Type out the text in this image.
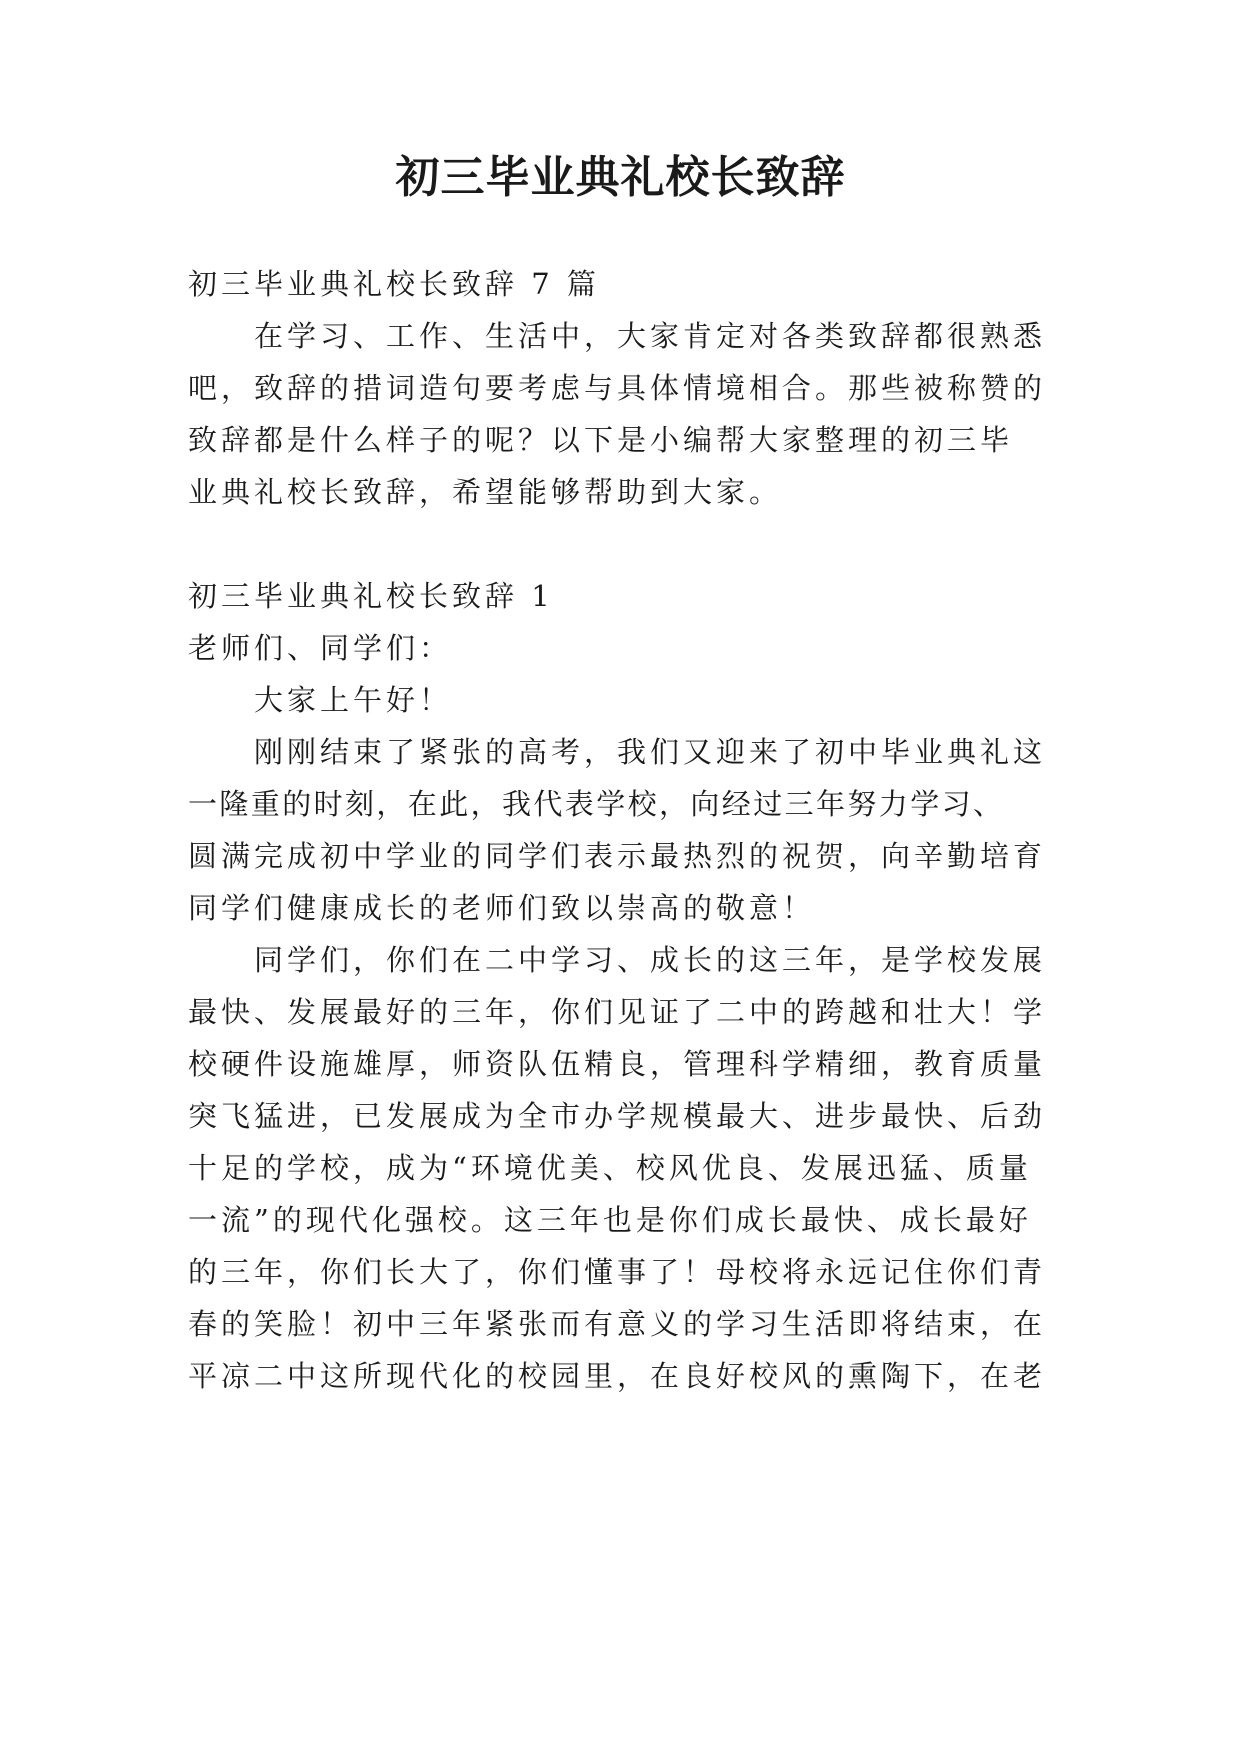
初三毕业典礼校长致辞

初三毕业典礼校长致辞 7 篇

在学习、工作、生活中，大家肯定对各类致辞都很熟悉

吧，致辞的措词造句要考虑与具体情境相合。那些被称赞的

致辞都是什么样子的呢？以下是小编帮大家整理的初三毕

业典礼校长致辞，希望能够帮助到大家。

初三毕业典礼校长致辞 1

老师们、同学们：

大家上午好！

刚刚结束了紧张的高考，我们又迎来了初中毕业典礼这

一隆重的时刻，在此，我代表学校，向经过三年努力学习、

圆满完成初中学业的同学们表示最热烈的祝贺，向辛勤培育

同学们健康成长的老师们致以崇高的敬意！

同学们，你们在二中学习、成长的这三年，是学校发展

最快、发展最好的三年，你们见证了二中的跨越和壮大！学

校硬件设施雄厚，师资队伍精良，管理科学精细，教育质量

突飞猛进，已发展成为全市办学规模最大、进步最快、后劲

十足的学校，成为“环境优美、校风优良、发展迅猛、质量

一流”的现代化强校。这三年也是你们成长最快、成长最好

的三年，你们长大了，你们懂事了！母校将永远记住你们青

春的笑脸！初中三年紧张而有意义的学习生活即将结束，在

平凉二中这所现代化的校园里，在良好校风的熏陶下，在老
